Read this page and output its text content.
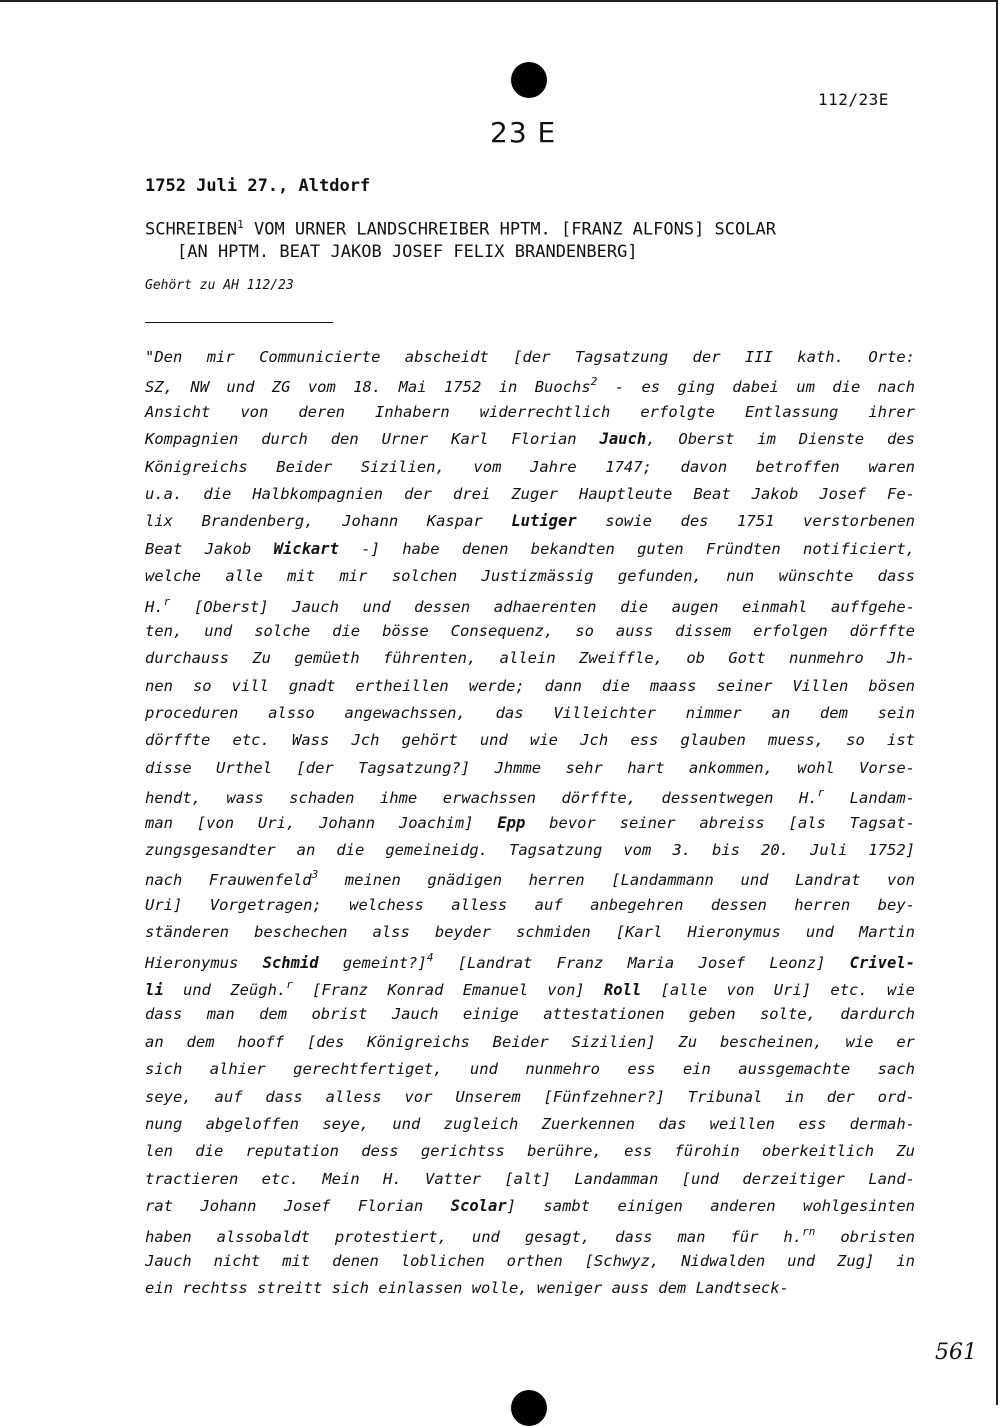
112/23E
23 E
1752 Juli 27., Altdorf
SCHREIBEN$^1$ VOM URNER LANDSCHREIBER HPTM. [FRANZ ALFONS] SCOLAR
[AN HPTM. BEAT JAKOB JOSEF FELIX BRANDENBERG]
Gehört zu AH 112/23
"Den mir Communicierte abscheidt [der Tagsatzung der III kath. Orte:
SZ, NW und ZG vom 18. Mai 1752 in Buochs$^2$ - es ging dabei um die nach
Ansicht von deren Inhabern widerrechtlich erfolgte Entlassung ihrer
Kompagnien durch den Urner Karl Florian Jauch, Oberst im Dienste des
Königreichs Beider Sizilien, vom Jahre 1747; davon betroffen waren
u.a. die Halbkompagnien der drei Zuger Hauptleute Beat Jakob Josef Fe-
lix Brandenberg, Johann Kaspar Lutiger sowie des 1751 verstorbenen
Beat Jakob Wickart -] habe denen bekandten guten Fründten notificiert,
welche alle mit mir solchen Justizmässig gefunden, nun wünschte dass
H.$^r$ [Oberst] Jauch und dessen adhaerenten die augen einmahl auffgehe-
ten, und solche die bösse Consequenz, so auss dissem erfolgen dörffte
durchauss Zu gemüeth führenten, allein Zweiffle, ob Gott nunmehro Jh-
nen so vill gnadt ertheillen werde; dann die maass seiner Villen bösen
proceduren alsso angewachssen, das Villeichter nimmer an dem sein
dörffte etc. Wass Jch gehört und wie Jch ess glauben muess, so ist
disse Urthel [der Tagsatzung?] Jhmme sehr hart ankommen, wohl Vorse-
hendt, wass schaden ihme erwachssen dörffte, dessentwegen H.$^r$ Landam-
man [von Uri, Johann Joachim] Epp bevor seiner abreiss [als Tagsat-
zungsgesandter an die gemeineidg. Tagsatzung vom 3. bis 20. Juli 1752]
nach Frauwenfeld$^3$ meinen gnädigen herren [Landammann und Landrat von
Uri] Vorgetragen; welchess alless auf anbegehren dessen herren bey-
ständeren beschechen alss beyder schmiden [Karl Hieronymus und Martin
Hieronymus Schmid gemeint?]$^4$ [Landrat Franz Maria Josef Leonz] Crivel-
li und Zeügh.$^r$ [Franz Konrad Emanuel von] Roll [alle von Uri] etc. wie
dass man dem obrist Jauch einige attestationen geben solte, dardurch
an dem hooff [des Königreichs Beider Sizilien] Zu bescheinen, wie er
sich alhier gerechtfertiget, und nunmehro ess ein aussgemachte sach
seye, auf dass alless vor Unserem [Fünfzehner?] Tribunal in der ord-
nung abgeloffen seye, und zugleich Zuerkennen das weillen ess dermah-
len die reputation dess gerichtss berühre, ess fürohin oberkeitlich Zu
tractieren etc. Mein H. Vatter [alt] Landamman [und derzeitiger Land-
rat Johann Josef Florian Scolar] sambt einigen anderen wohlgesinten
haben alssobaldt protestiert, und gesagt, dass man für h.$^{rn}$ obristen
Jauch nicht mit denen loblichen orthen [Schwyz, Nidwalden und Zug] in
ein rechtss streitt sich einlassen wolle, weniger auss dem Landtseck-
561
